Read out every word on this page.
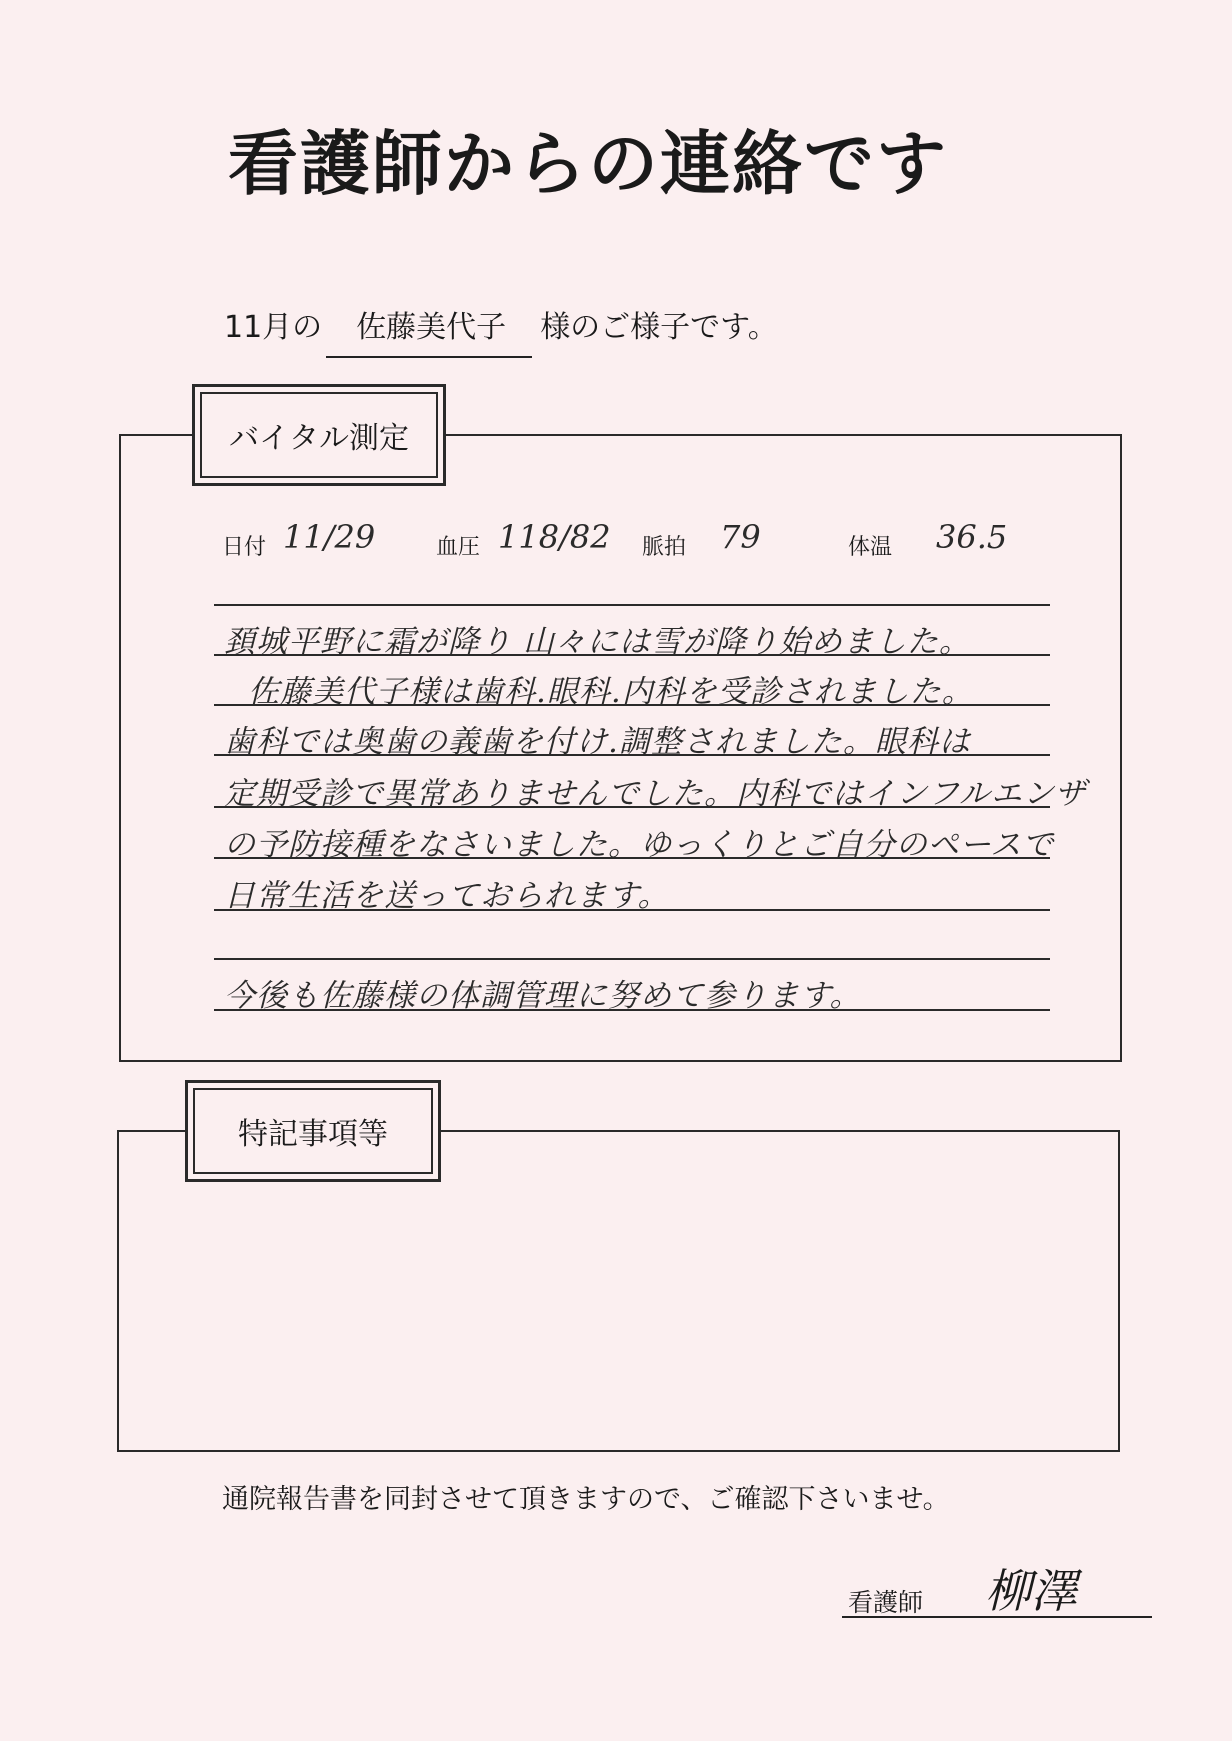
看護師からの連絡です
11月の 佐藤美代子 様のご様子です。
バイタル測定
日付 11/29	血圧 118/82 脈拍 79	体温 36.5
頚城平野に霜が降り 山々には雪が降り始めました。
佐藤美代子様は歯科.眼科.内科を受診されました。
歯科では奥歯の義歯を付け.調整されました。眼科は
定期受診で異常ありませんでした。内科ではインフルエンザ
の予防接種をなさいました。ゆっくりとご自分のペースで
日常生活を送っておられます。
今後も佐藤様の体調管理に努めて参ります。
特記事項等
通院報告書を同封させて頂きますので、ご確認下さいませ。
看護師 柳澤
